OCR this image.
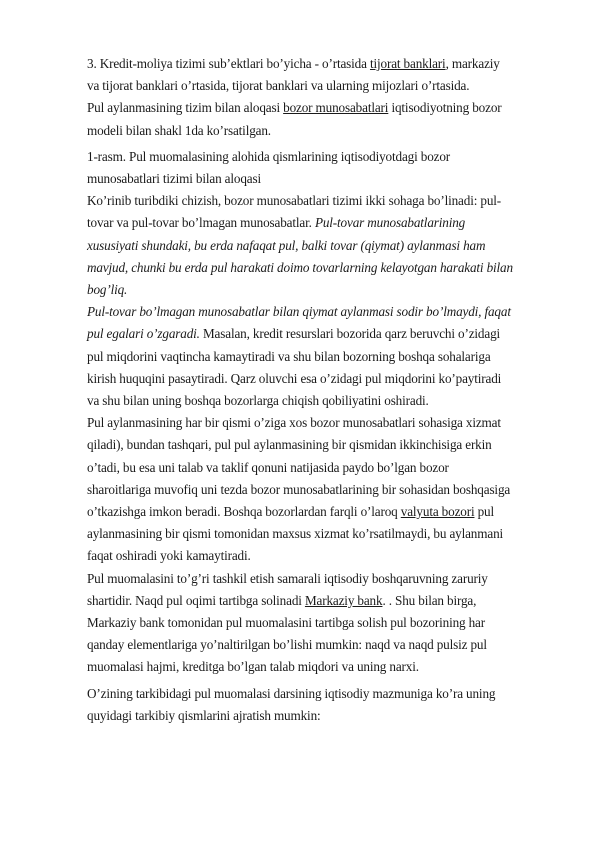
3. Kredit-moliya tizimi sub’ektlari bo’yicha - o’rtasida tijorat banklari, markaziy
va tijorat banklari o’rtasida, tijorat banklari va ularning mijozlari o’rtasida.

Pul aylanmasining tizim bilan aloqasi bozor munosabatlari iqtisodiyotning bozor
modeli bilan shakl 1da ko’rsatilgan.

1-rasm. Pul muomalasining alohida qismlarining iqtisodiyotdagi bozor
munosabatlari tizimi bilan aloqasi

Ko’rinib turibdiki chizish, bozor munosabatlari tizimi ikki sohaga bo’linadi: pul-
tovar va pul-tovar bo’lmagan munosabatlar. Pul-tovar munosabatlarining
xususiyati shundaki, bu erda nafaqat pul, balki tovar (qiymat) aylanmasi ham
mavjud, chunki bu erda pul harakati doimo tovarlarning kelayotgan harakati bilan
bog’liq.

Pul-tovar bo’lmagan munosabatlar bilan qiymat aylanmasi sodir bo’lmaydi, faqat
pul egalari o’zgaradi. Masalan, kredit resurslari bozorida qarz beruvchi o’zidagi
pul miqdorini vaqtincha kamaytiradi va shu bilan bozorning boshqa sohalariga
kirish huquqini pasaytiradi. Qarz oluvchi esa o’zidagi pul miqdorini ko’paytiradi
va shu bilan uning boshqa bozorlarga chiqish qobiliyatini oshiradi.

Pul aylanmasining har bir qismi o’ziga xos bozor munosabatlari sohasiga xizmat
qiladi), bundan tashqari, pul pul aylanmasining bir qismidan ikkinchisiga erkin
o’tadi, bu esa uni talab va taklif qonuni natijasida paydo bo’lgan bozor
sharoitlariga muvofiq uni tezda bozor munosabatlarining bir sohasidan boshqasiga
o’tkazishga imkon beradi. Boshqa bozorlardan farqli o’laroq valyuta bozori pul
aylanmasining bir qismi tomonidan maxsus xizmat ko’rsatilmaydi, bu aylanmani
faqat oshiradi yoki kamaytiradi.

Pul muomalasini to’g’ri tashkil etish samarali iqtisodiy boshqaruvning zaruriy
shartidir. Naqd pul oqimi tartibga solinadi Markaziy bank. . Shu bilan birga,
Markaziy bank tomonidan pul muomalasini tartibga solish pul bozorining har
qanday elementlariga yo’naltirilgan bo’lishi mumkin: naqd va naqd pulsiz pul
muomalasi hajmi, kreditga bo’lgan talab miqdori va uning narxi.

O’zining tarkibidagi pul muomalasi darsining iqtisodiy mazmuniga ko’ra uning
quyidagi tarkibiy qismlarini ajratish mumkin:
